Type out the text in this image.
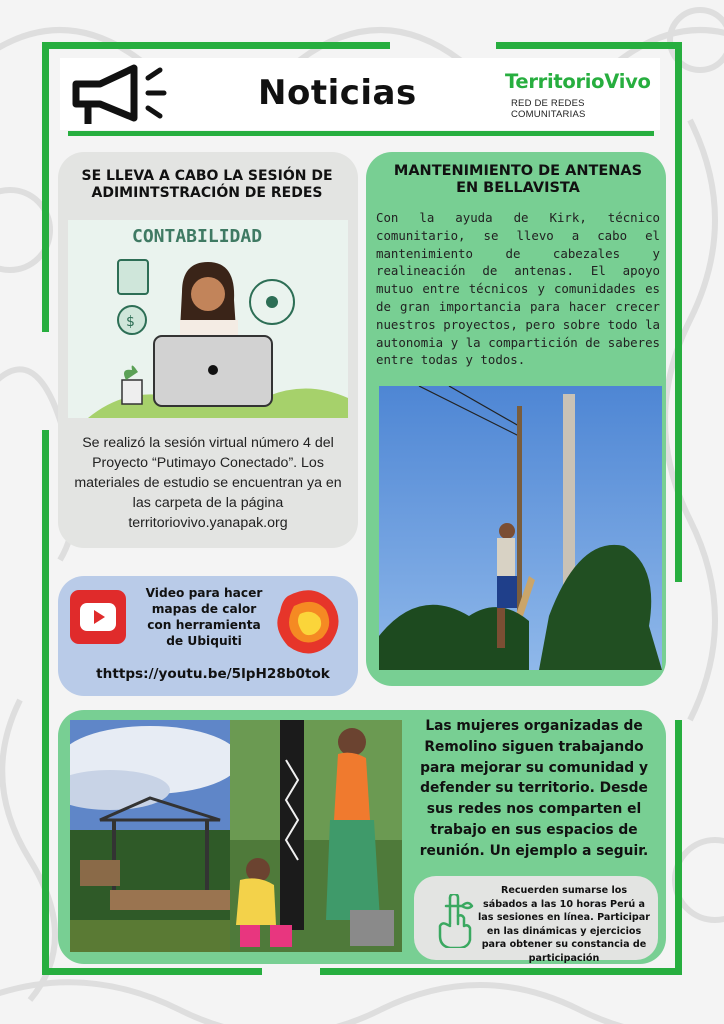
Noticias	TerritorioVivo
RED DE REDES COMUNITARIAS
SE LLEVA A CABO LA SESIÓN DE ADIMINTSTRACIÓN DE REDES
CONTABILIDAD
$
Se realizó la sesión virtual número 4 del Proyecto “Putimayo Conectado”. Los materiales de estudio se encuentran ya en las carpeta de la página territoriovivo.yanapak.org
MANTENIMIENTO DE ANTENAS EN BELLAVISTA
Con la ayuda de Kirk, técnico comunitario, se llevo a cabo el mantenimiento de cabezales y realineación de antenas. El apoyo mutuo entre técnicos y comunidades es de gran importancia para hacer crecer nuestros proyectos, pero sobre todo la autonomia y la compartición de saberes entre todas y todos.
Video para hacer mapas de calor con herramienta de Ubiquiti
thttps://youtu.be/5lpH28b0tok
Las mujeres organizadas de Remolino siguen trabajando para mejorar su comunidad y defender su territorio. Desde sus redes nos comparten el trabajo en sus espacios de reunión. Un ejemplo a seguir.
Recuerden sumarse los sábados a las 10 horas Perú a las sesiones en línea. Participar en las dinámicas y ejercicios para obtener su constancia de participación
